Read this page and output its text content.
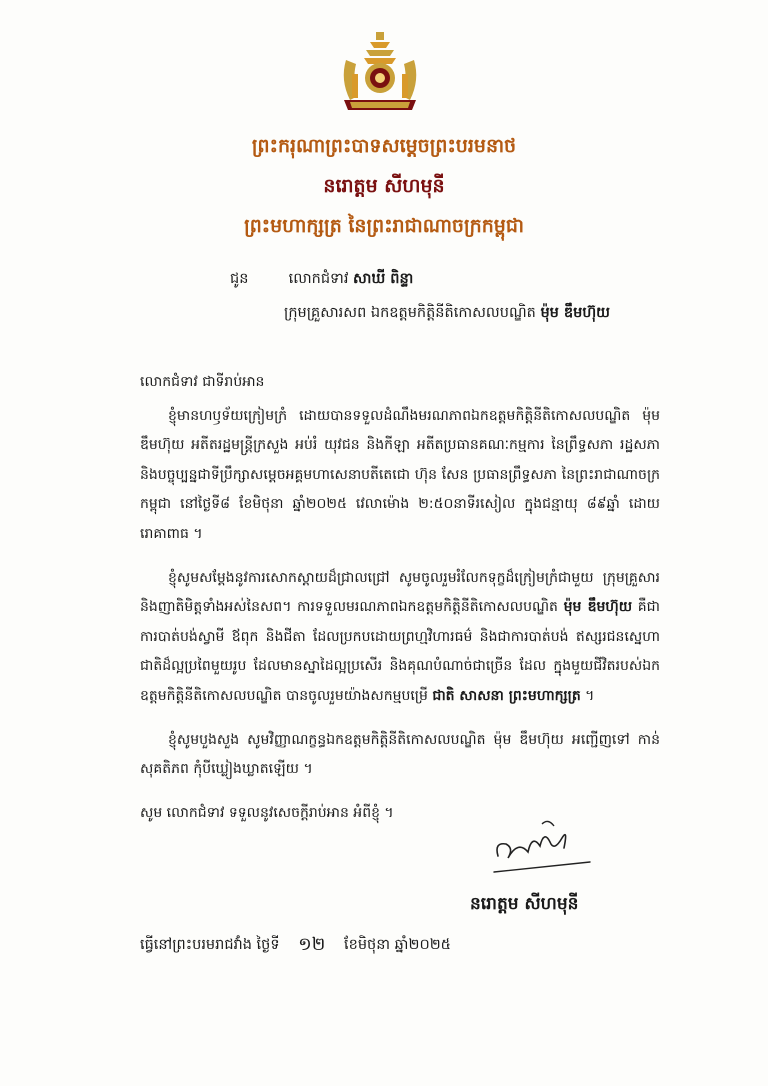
ព្រះករុណាព្រះបាទសម្តេចព្រះបរមនាថ
នរោត្តម សីហមុនី
ព្រះមហាក្សត្រ នៃព្រះរាជាណាចក្រកម្ពុជា
ជូន	លោកជំទាវ សាឃី ពិន្ទា
ក្រុមគ្រួសារសព ឯកឧត្តមកិត្តិនីតិកោសលបណ្ឌិត ម៉ុម ឌឹមហ៊ុយ

លោកជំទាវ ជាទីរាប់អាន

ខ្ញុំមានហឫទ័យក្រៀមក្រំ ដោយបានទទួលដំណឹងមរណភាពឯកឧត្តមកិត្តិនីតិកោសលបណ្ឌិត ម៉ុម ឌឹមហ៊ុយ អតីតរដ្ឋមន្ត្រីក្រសួង អប់រំ យុវជន និងកីឡា អតីតប្រធានគណៈកម្មការ នៃព្រឹទ្ធសភា រដ្ឋសភា និងបច្ចុប្បន្នជាទីប្រឹក្សាសម្តេចអគ្គមហាសេនាបតីតេជោ ហ៊ុន សែន ប្រធានព្រឹទ្ធសភា នៃព្រះរាជាណាចក្រកម្ពុជា នៅថ្ងៃទី៨ ខែមិថុនា ឆ្នាំ២០២៥ វេលាម៉ោង ២:៥០នាទីរសៀល ក្នុងជន្មាយុ ៨៩ឆ្នាំ ដោយរោគាពាធ ។

ខ្ញុំសូមសម្តែងនូវការសោកស្តាយដ៏ជ្រាលជ្រៅ សូមចូលរួមរំលែកទុក្ខដ៏ក្រៀមក្រំជាមួយ ក្រុមគ្រួសារ និងញាតិមិត្តទាំងអស់នៃសព។ ការទទួលមរណភាពឯកឧត្តមកិត្តិនីតិកោសលបណ្ឌិត ម៉ុម ឌឹមហ៊ុយ គឺជាការបាត់បង់ស្វាមី ឪពុក និងជីតា ដែលប្រកបដោយព្រហ្មវិហារធម៌ និងជាការបាត់បង់ ឥស្សរជនស្នេហាជាតិដ៏ល្អប្រពៃមួយរូប ដែលមានស្នាដៃល្អប្រសើរ និងគុណបំណាច់ជាច្រើន ដែល ក្នុងមួយជីវិតរបស់ឯកឧត្តមកិត្តិនីតិកោសលបណ្ឌិត បានចូលរួមយ៉ាងសកម្មបម្រើ ជាតិ សាសនា ព្រះមហាក្សត្រ ។

ខ្ញុំសូមបួងសួង សូមវិញ្ញាណក្ខន្ធឯកឧត្តមកិត្តិនីតិកោសលបណ្ឌិត ម៉ុម ឌឹមហ៊ុយ អញ្ជើញទៅ កាន់សុគតិភព កុំបីឃ្លៀងឃ្លាតឡើយ ។

សូម លោកជំទាវ ទទួលនូវសេចក្តីរាប់អាន អំពីខ្ញុំ ។

នរោត្តម សីហមុនី
ធ្វើនៅព្រះបរមរាជវាំង ថ្ងៃទី ១២ ខែមិថុនា ឆ្នាំ២០២៥
